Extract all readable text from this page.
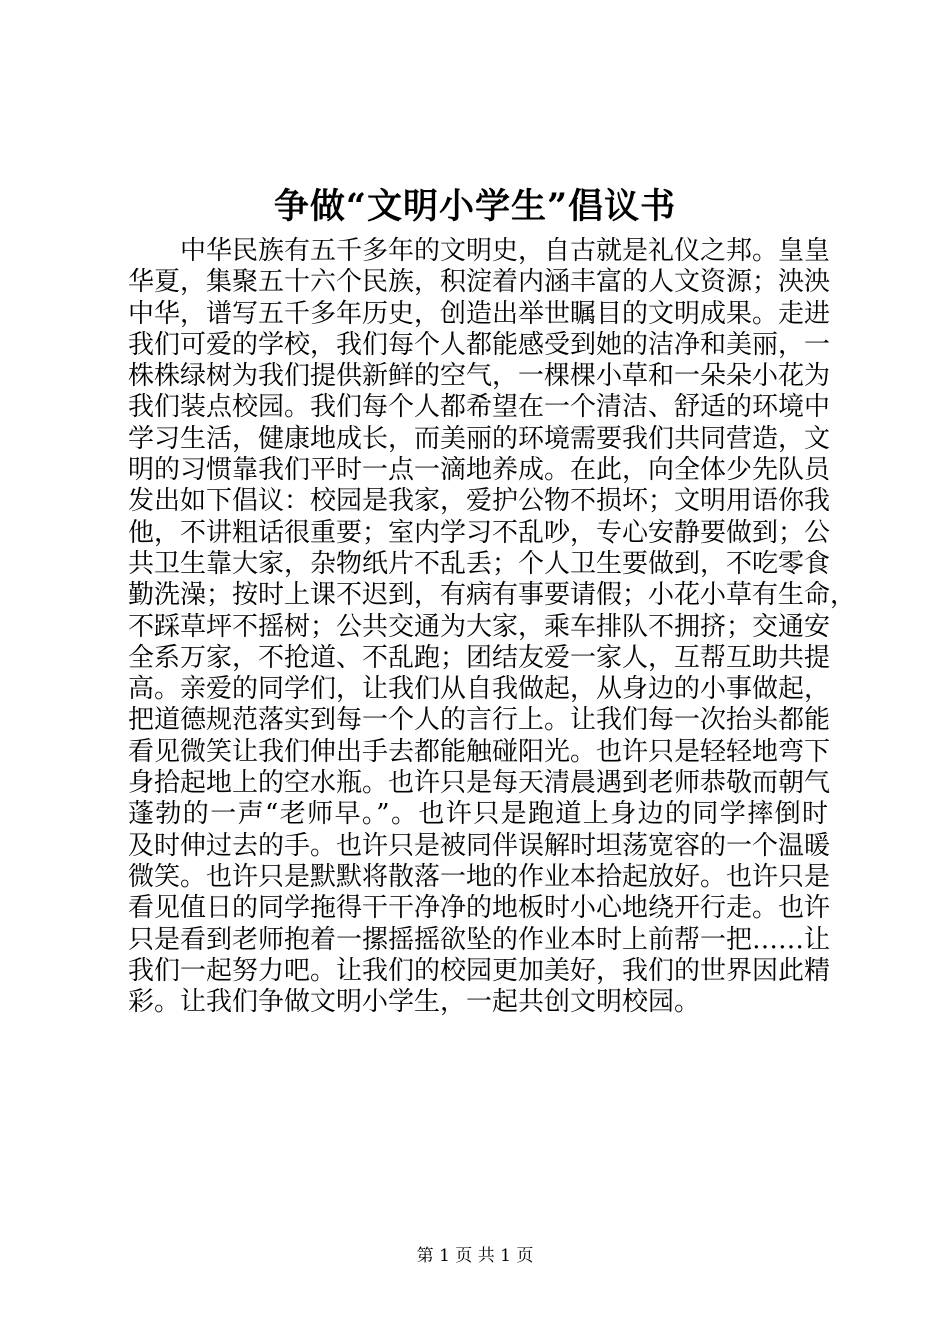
争做“文明小学生”倡议书
中华民族有五千多年的文明史，自古就是礼仪之邦。皇皇
华夏，集聚五十六个民族，积淀着内涵丰富的人文资源；泱泱
中华，谱写五千多年历史，创造出举世瞩目的文明成果。走进
我们可爱的学校，我们每个人都能感受到她的洁净和美丽，一
株株绿树为我们提供新鲜的空气，一棵棵小草和一朵朵小花为
我们装点校园。我们每个人都希望在一个清洁、舒适的环境中
学习生活，健康地成长，而美丽的环境需要我们共同营造，文
明的习惯靠我们平时一点一滴地养成。在此，向全体少先队员
发出如下倡议：校园是我家，爱护公物不损坏；文明用语你我
他，不讲粗话很重要；室内学习不乱吵，专心安静要做到；公
共卫生靠大家，杂物纸片不乱丢；个人卫生要做到，不吃零食
勤洗澡；按时上课不迟到，有病有事要请假；小花小草有生命，
不踩草坪不摇树；公共交通为大家，乘车排队不拥挤；交通安
全系万家，不抢道、不乱跑；团结友爱一家人，互帮互助共提
高。亲爱的同学们，让我们从自我做起，从身边的小事做起，
把道德规范落实到每一个人的言行上。让我们每一次抬头都能
看见微笑让我们伸出手去都能触碰阳光。也许只是轻轻地弯下
身拾起地上的空水瓶。也许只是每天清晨遇到老师恭敬而朝气
蓬勃的一声“老师早。”。也许只是跑道上身边的同学摔倒时
及时伸过去的手。也许只是被同伴误解时坦荡宽容的一个温暖
微笑。也许只是默默将散落一地的作业本拾起放好。也许只是
看见值日的同学拖得干干净净的地板时小心地绕开行走。也许
只是看到老师抱着一摞摇摇欲坠的作业本时上前帮一把……让
我们一起努力吧。让我们的校园更加美好，我们的世界因此精
彩。让我们争做文明小学生，一起共创文明校园。
第 1 页 共 1 页
